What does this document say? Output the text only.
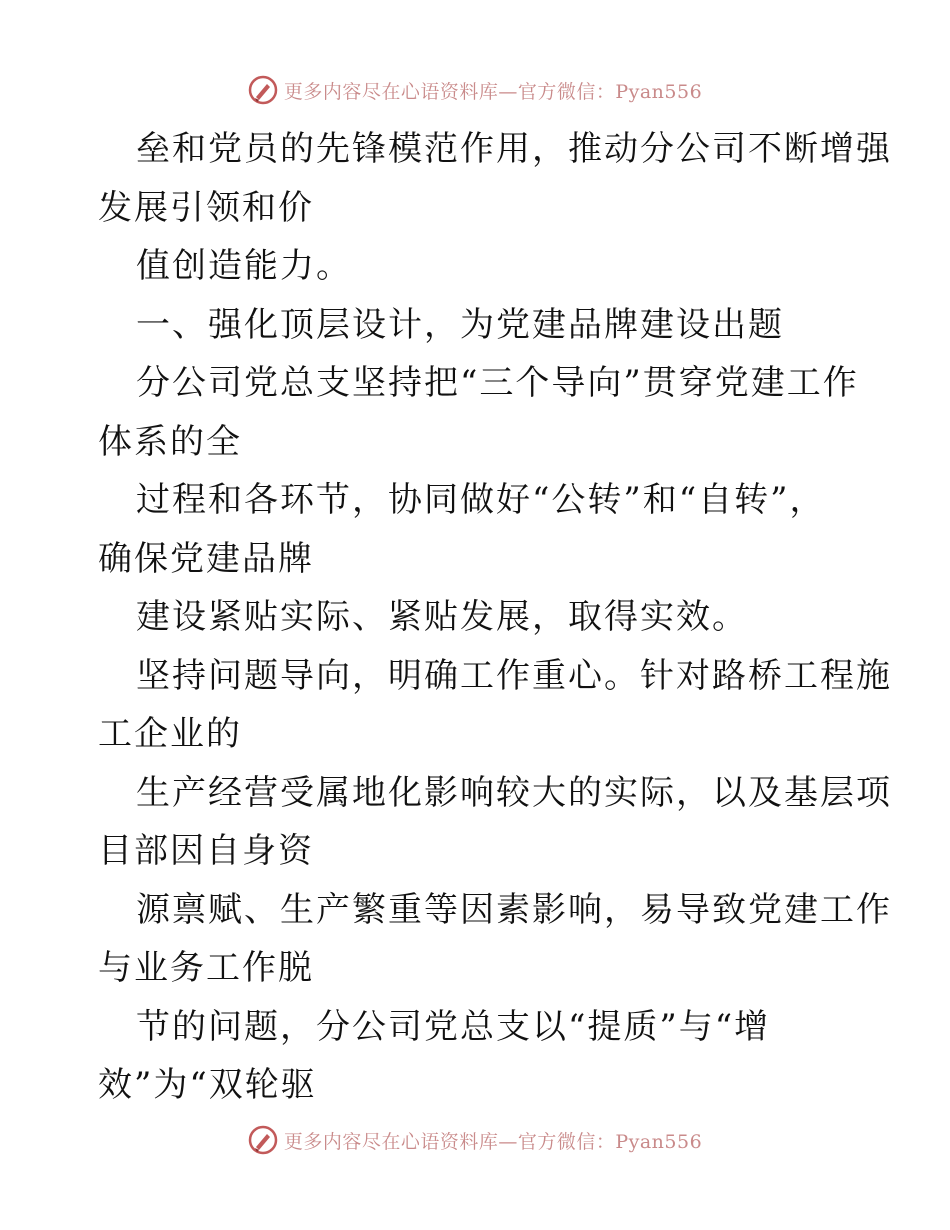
更多内容尽在心语资料库—官方微信：Pyan556
垒和党员的先锋模范作用，推动分公司不断增强
发展引领和价
值创造能力。
一、强化顶层设计，为党建品牌建设出题
分公司党总支坚持把“三个导向”贯穿党建工作
体系的全
过程和各环节，协同做好“公转”和“自转”，
确保党建品牌
建设紧贴实际、紧贴发展，取得实效。
坚持问题导向，明确工作重心。针对路桥工程施
工企业的
生产经营受属地化影响较大的实际，以及基层项
目部因自身资
源禀赋、生产繁重等因素影响，易导致党建工作
与业务工作脱
节的问题，分公司党总支以“提质”与“增
效”为“双轮驱
更多内容尽在心语资料库—官方微信：Pyan556
